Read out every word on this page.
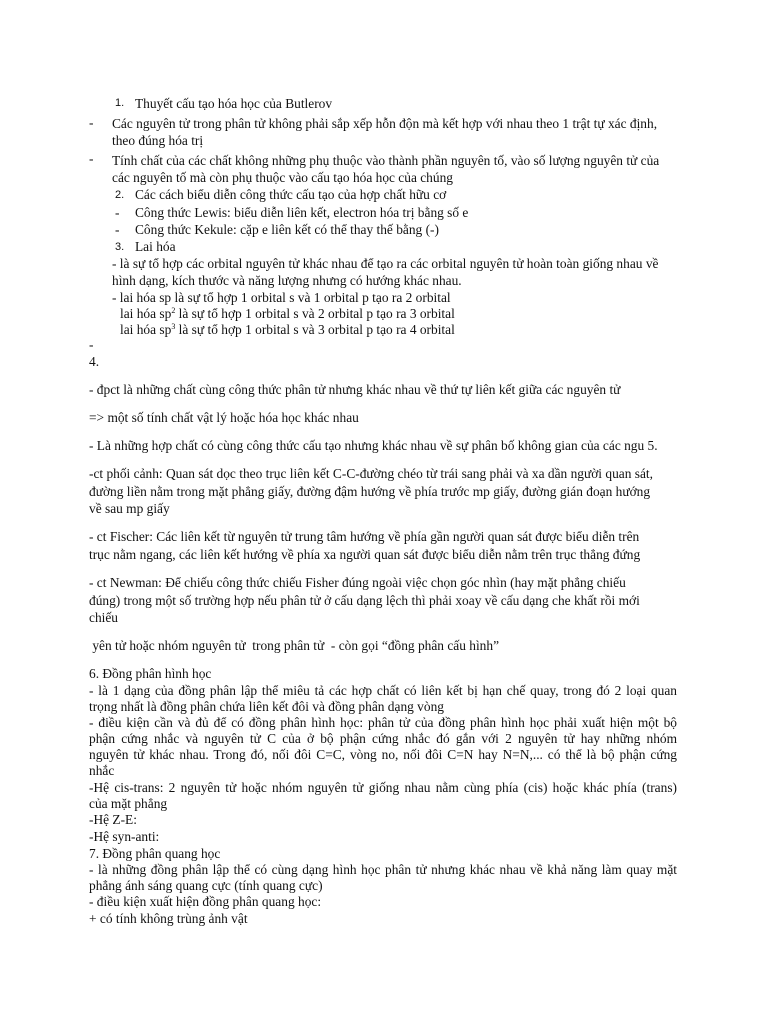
1. Thuyết cấu tạo hóa học của Butlerov

- Các nguyên tử trong phân tử không phải sắp xếp hỗn độn mà kết hợp với nhau theo 1 trật tự xác định,

theo đúng hóa trị

- Tính chất của các chất không những phụ thuộc vào thành phần nguyên tố, vào số lượng nguyên tử của

các nguyên tố mà còn phụ thuộc vào cấu tạo hóa học của chúng

2. Các cách biểu diễn công thức cấu tạo của hợp chất hữu cơ

- Công thức Lewis: biểu diễn liên kết, electron hóa trị bằng số e

- Công thức Kekule: cặp e liên kết có thể thay thế bằng (-)

3. Lai hóa

- là sự tổ hợp các orbital nguyên tử khác nhau để tạo ra các orbital nguyên tử hoàn toàn giống nhau về

hình dạng, kích thước và năng lượng nhưng có hướng khác nhau.

- lai hóa sp là sự tổ hợp 1 orbital s và 1 orbital p tạo ra 2 orbital

lai hóa $sp^2$ là sự tổ hợp 1 orbital s và 2 orbital p tạo ra 3 orbital

lai hóa $sp^3$ là sự tổ hợp 1 orbital s và 3 orbital p tạo ra 4 orbital

-

4.

- đpct là những chất cùng công thức phân tử nhưng khác nhau về thứ tự liên kết giữa các nguyên tử

=> một số tính chất vật lý hoặc hóa học khác nhau

- Là những hợp chất có cùng công thức cấu tạo nhưng khác nhau về sự phân bố không gian của các ngu 5.

-ct phối cảnh: Quan sát dọc theo trục liên kết C-C-đường chéo từ trái sang phải và xa dần người quan sát,

đường liền nằm trong mặt phẳng giấy, đường đậm hướng về phía trước mp giấy, đường gián đoạn hướng

về sau mp giấy

- ct Fischer: Các liên kết từ nguyên tử trung tâm hướng về phía gần người quan sát được biểu diễn trên

trục nằm ngang, các liên kết hướng về phía xa người quan sát được biểu diễn nằm trên trục thẳng đứng

- ct Newman: Để chiếu công thức chiếu Fisher đúng ngoài việc chọn góc nhìn (hay mặt phẳng chiếu

đúng) trong một số trường hợp nếu phân tử ở cấu dạng lệch thì phải xoay về cấu dạng che khất rồi mới

chiếu

yên tử hoặc nhóm nguyên tử  trong phân tử  - còn gọi “đồng phân cấu hình”

6. Đồng phân hình học

- là 1 dạng của đồng phân lập thể miêu tả các hợp chất có liên kết bị hạn chế quay, trong đó 2 loại quan

trọng nhất là đồng phân chứa liên kết đôi và đồng phân dạng vòng

- điều kiện cần và đủ để có đồng phân hình học: phân tử của đồng phân hình học phải xuất hiện một bộ

phận cứng nhắc và nguyên tử C của ở bộ phận cứng nhắc đó gắn với 2 nguyên tử hay những nhóm

nguyên tử khác nhau. Trong đó, nối đôi C=C, vòng no, nối đôi C=N hay N=N,... có thể là bộ phận cứng

nhắc

-Hệ cis-trans: 2 nguyên tử hoặc nhóm nguyên tử giống nhau nằm cùng phía (cis) hoặc khác phía (trans)

của mặt phẳng

-Hệ Z-E:

-Hệ syn-anti:

7. Đồng phân quang học

- là những đồng phân lập thể có cùng dạng hình học phân tử nhưng khác nhau về khả năng làm quay mặt

phẳng ánh sáng quang cực (tính quang cực)

- điều kiện xuất hiện đồng phân quang học:

+ có tính không trùng ảnh vật
